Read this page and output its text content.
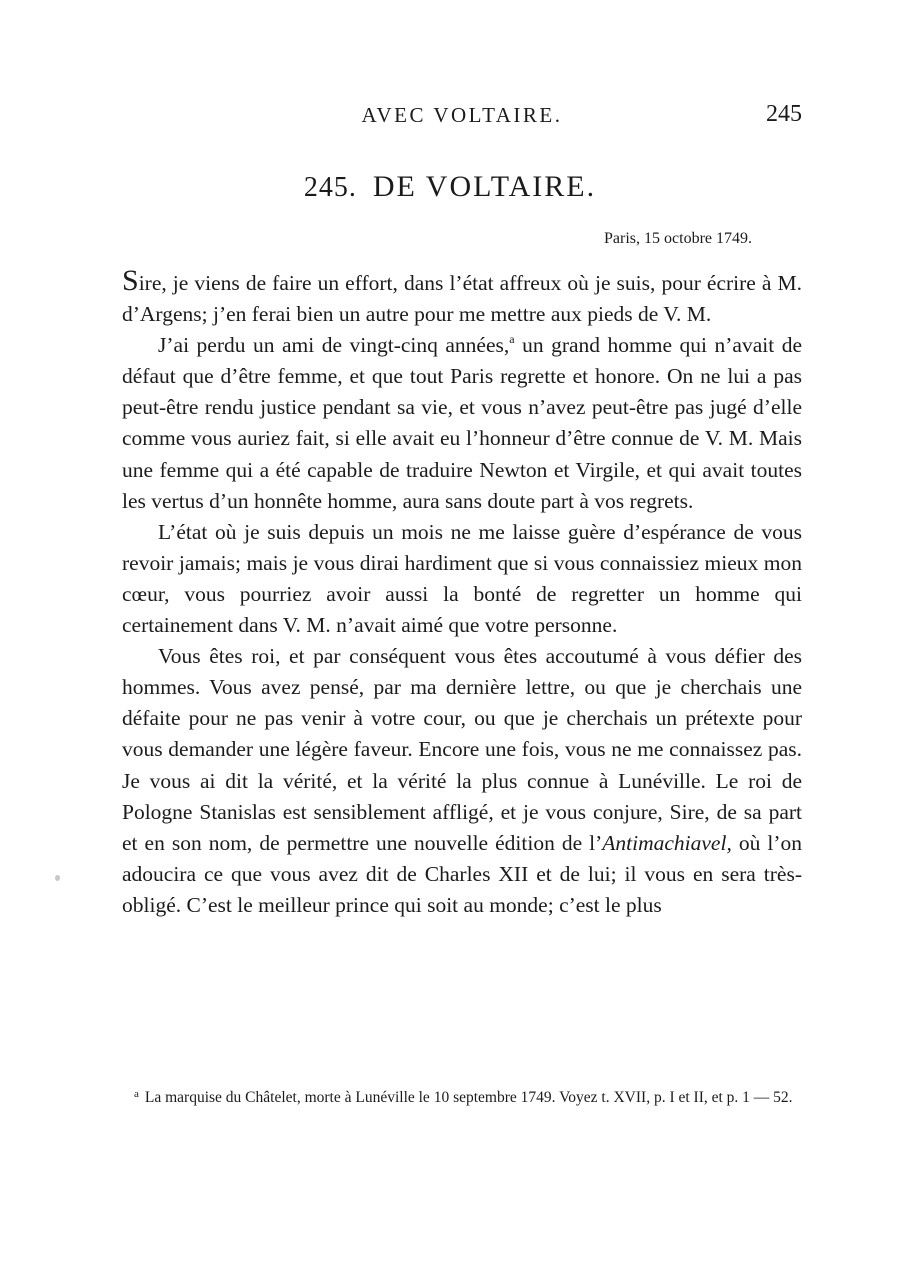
AVEC VOLTAIRE.	245
245. DE VOLTAIRE.
Paris, 15 octobre 1749.

Sire, je viens de faire un effort, dans l’état affreux où je suis, pour écrire à M. d’Argens; j’en ferai bien un autre pour me mettre aux pieds de V. M.

J’ai perdu un ami de vingt-cinq années,$^a$ un grand homme qui n’avait de défaut que d’être femme, et que tout Paris regrette et honore. On ne lui a pas peut-être rendu justice pendant sa vie, et vous n’avez peut-être pas jugé d’elle comme vous auriez fait, si elle avait eu l’honneur d’être connue de V. M. Mais une femme qui a été capable de traduire Newton et Virgile, et qui avait toutes les vertus d’un honnête homme, aura sans doute part à vos regrets.

L’état où je suis depuis un mois ne me laisse guère d’espérance de vous revoir jamais; mais je vous dirai hardiment que si vous connaissiez mieux mon cœur, vous pourriez avoir aussi la bonté de regretter un homme qui certainement dans V. M. n’avait aimé que votre personne.

Vous êtes roi, et par conséquent vous êtes accoutumé à vous défier des hommes. Vous avez pensé, par ma dernière lettre, ou que je cherchais une défaite pour ne pas venir à votre cour, ou que je cherchais un prétexte pour vous demander une légère faveur. Encore une fois, vous ne me connaissez pas. Je vous ai dit la vérité, et la vérité la plus connue à Lunéville. Le roi de Pologne Stanislas est sensiblement affligé, et je vous conjure, Sire, de sa part et en son nom, de permettre une nouvelle édition de l’Antimachiavel, où l’on adoucira ce que vous avez dit de Charles XII et de lui; il vous en sera très-obligé. C’est le meilleur prince qui soit au monde; c’est le plus

$^a$ La marquise du Châtelet, morte à Lunéville le 10 septembre 1749. Voyez t. XVII, p. I et II, et p. 1 — 52.
